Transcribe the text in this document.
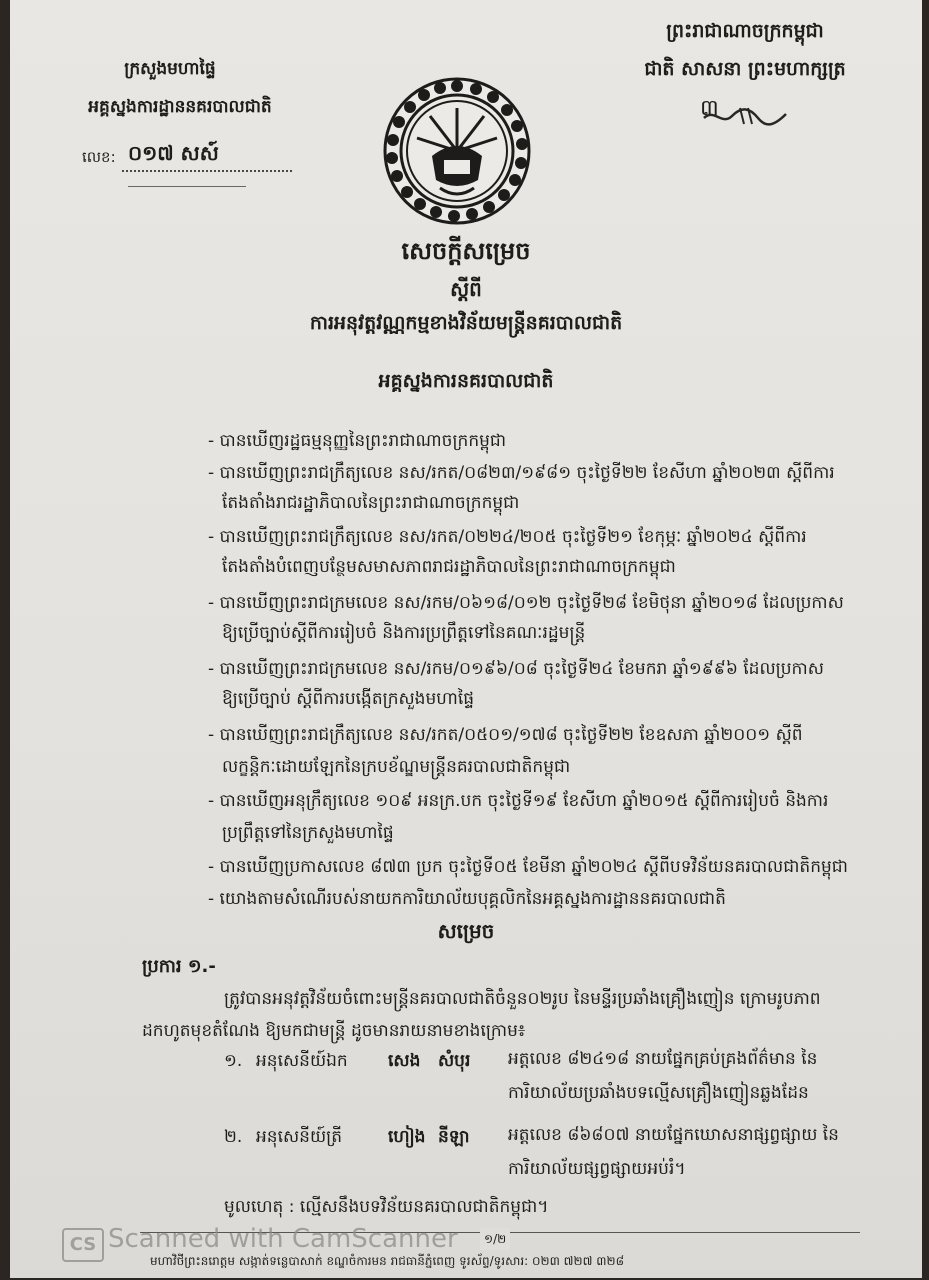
ក្រសួងមហាផ្ទៃ
អគ្គស្នងការដ្ឋាននគរបាលជាតិ
លេខ: ០១៧ សស៍
ព្រះរាជាណាចក្រកម្ពុជា
ជាតិ សាសនា ព្រះមហាក្សត្រ
៣
សេចក្ដីសម្រេច
ស្ដីពី
ការអនុវត្តវណ្ណកម្មខាងវិន័យមន្ត្រីនគរបាលជាតិ
អគ្គស្នងការនគរបាលជាតិ
- បានឃើញរដ្ឋធម្មនុញ្ញនៃព្រះរាជាណាចក្រកម្ពុជា
- បានឃើញព្រះរាជក្រឹត្យលេខ នស/រកត/០៨២៣/១៩៨១ ចុះថ្ងៃទី២២ ខែសីហា ឆ្នាំ២០២៣ ស្ដីពីការ
តែងតាំងរាជរដ្ឋាភិបាលនៃព្រះរាជាណាចក្រកម្ពុជា
- បានឃើញព្រះរាជក្រឹត្យលេខ នស/រកត/០២២៤/២០៥ ចុះថ្ងៃទី២១ ខែកុម្ភៈ ឆ្នាំ២០២៤ ស្ដីពីការ
តែងតាំងបំពេញបន្ថែមសមាសភាពរាជរដ្ឋាភិបាលនៃព្រះរាជាណាចក្រកម្ពុជា
- បានឃើញព្រះរាជក្រមលេខ នស/រកម/០៦១៨/០១២ ចុះថ្ងៃទី២៨ ខែមិថុនា ឆ្នាំ២០១៨ ដែលប្រកាស
ឱ្យប្រើច្បាប់ស្ដីពីការរៀបចំ និងការប្រព្រឹត្តទៅនៃគណៈរដ្ឋមន្ត្រី
- បានឃើញព្រះរាជក្រមលេខ នស/រកម/០១៩៦/០៨ ចុះថ្ងៃទី២៤ ខែមករា ឆ្នាំ១៩៩៦ ដែលប្រកាស
ឱ្យប្រើច្បាប់ ស្ដីពីការបង្កើតក្រសួងមហាផ្ទៃ
- បានឃើញព្រះរាជក្រឹត្យលេខ នស/រកត/០៥០១/១៧៨ ចុះថ្ងៃទី២២ ខែឧសភា ឆ្នាំ២០០១ ស្ដីពី
លក្ខន្តិកៈដោយឡែកនៃក្របខ័ណ្ឌមន្ត្រីនគរបាលជាតិកម្ពុជា
- បានឃើញអនុក្រឹត្យលេខ ១០៩ អនក្រ.បក ចុះថ្ងៃទី១៩ ខែសីហា ឆ្នាំ២០១៥ ស្ដីពីការរៀបចំ និងការ
ប្រព្រឹត្តទៅនៃក្រសួងមហាផ្ទៃ
- បានឃើញប្រកាសលេខ ៨៧៣ ប្រក ចុះថ្ងៃទី០៥ ខែមីនា ឆ្នាំ២០២៤ ស្ដីពីបទវិន័យនគរបាលជាតិកម្ពុជា
- យោងតាមសំណើរបស់នាយកការិយាល័យបុគ្គលិកនៃអគ្គស្នងការដ្ឋាននគរបាលជាតិ
សម្រេច
ប្រការ ១.-
ត្រូវបានអនុវត្តវិន័យចំពោះមន្ត្រីនគរបាលជាតិចំនួន០២រូប នៃមន្ទីរប្រឆាំងគ្រឿងញៀន ក្រោមរូបភាព
ដកហូតមុខតំណែង ឱ្យមកជាមន្ត្រី ដូចមានរាយនាមខាងក្រោម៖
១. អនុសេនីយ៍ឯក សេង សំបុរ អត្តលេខ ៨២៤១៨ នាយផ្នែកគ្រប់គ្រងព័ត៌មាន នៃ
ការិយាល័យប្រឆាំងបទល្មើសគ្រឿងញៀនឆ្លងដែន
២. អនុសេនីយ៍ត្រី	ហៀង នីឡា អត្តលេខ ៨៦៨០៧ នាយផ្នែកឃោសនាផ្សព្វផ្សាយ នៃ
ការិយាល័យផ្សព្វផ្សាយអប់រំ។
មូលហេតុ : ល្មើសនឹងបទវិន័យនគរបាលជាតិកម្ពុជា។
១/២
មហាវិថីព្រះនរោត្តម សង្កាត់ទន្លេបាសាក់ ខណ្ឌចំការមន រាជធានីភ្នំពេញ ទូរស័ព្ទ/ទូរសារ: ០២៣ ៧២៧ ៣២៨
CS Scanned with CamScanner
